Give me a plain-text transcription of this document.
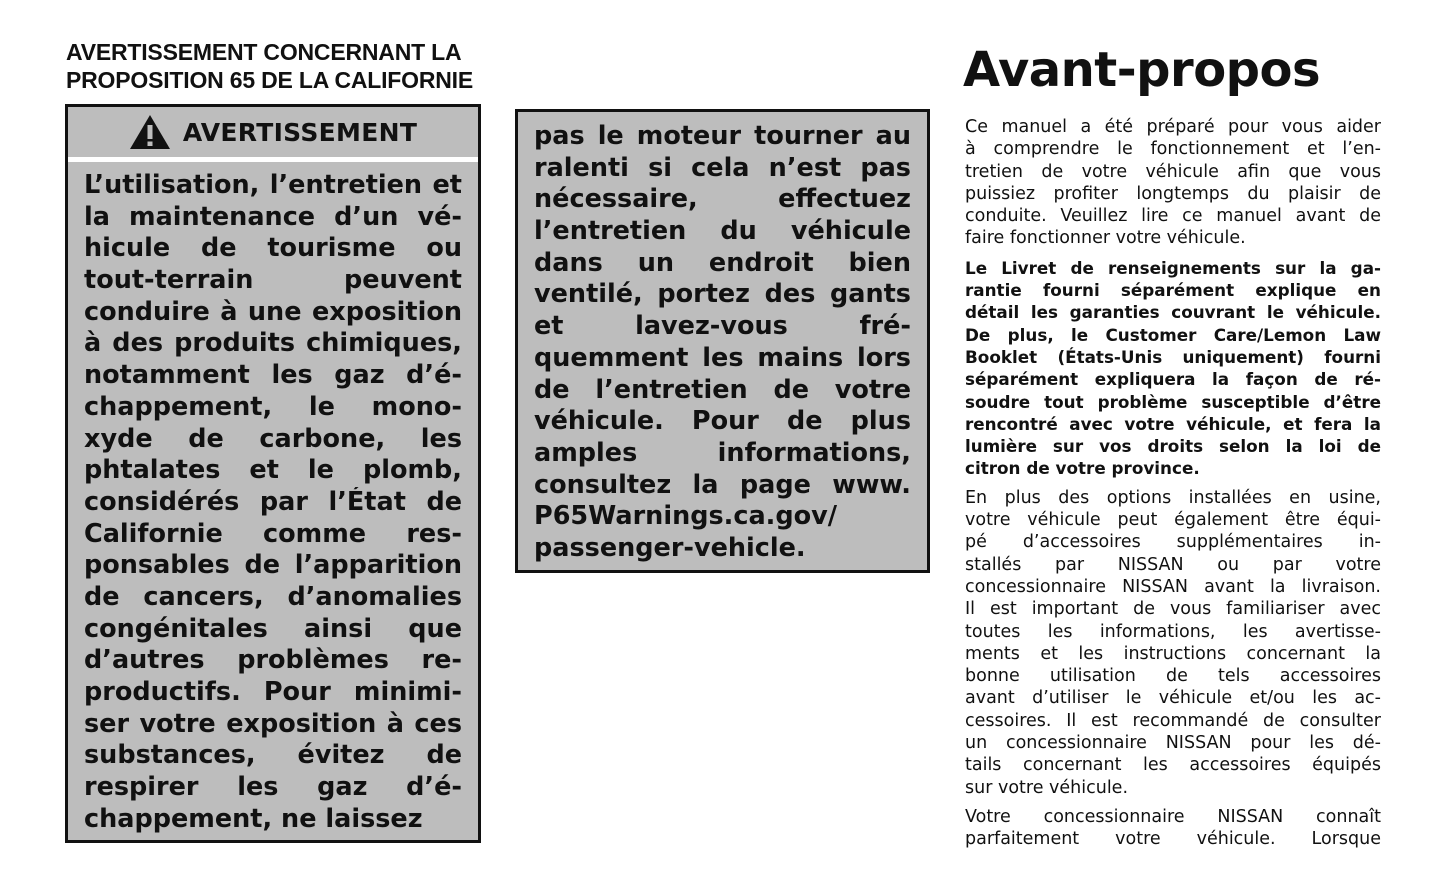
AVERTISSEMENT CONCERNANT LA
PROPOSITION 65 DE LA CALIFORNIE
AVERTISSEMENT
L’utilisation, l’entretien et
la maintenance d’un vé-
hicule de tourisme ou
tout-terrain peuvent
conduire à une exposition
à des produits chimiques,
notamment les gaz d’é-
chappement, le mono-
xyde de carbone, les
phtalates et le plomb,
considérés par l’État de
Californie comme res-
ponsables de l’apparition
de cancers, d’anomalies
congénitales ainsi que
d’autres problèmes re-
productifs. Pour minimi-
ser votre exposition à ces
substances, évitez de
respirer les gaz d’é-
chappement, ne laissez
pas le moteur tourner au
ralenti si cela n’est pas
nécessaire, effectuez
l’entretien du véhicule
dans un endroit bien
ventilé, portez des gants
et lavez-vous fré-
quemment les mains lors
de l’entretien de votre
véhicule. Pour de plus
amples informations,
consultez la page www.
P65Warnings.ca.gov/
passenger-vehicle.
Avant-propos
Ce manuel a été préparé pour vous aider
à comprendre le fonctionnement et l’en-
tretien de votre véhicule afin que vous
puissiez profiter longtemps du plaisir de
conduite. Veuillez lire ce manuel avant de
faire fonctionner votre véhicule.
Le Livret de renseignements sur la ga-
rantie fourni séparément explique en
détail les garanties couvrant le véhicule.
De plus, le Customer Care/Lemon Law
Booklet (États-Unis uniquement) fourni
séparément expliquera la façon de ré-
soudre tout problème susceptible d’être
rencontré avec votre véhicule, et fera la
lumière sur vos droits selon la loi de
citron de votre province.
En plus des options installées en usine,
votre véhicule peut également être équi-
pé d’accessoires supplémentaires in-
stallés par NISSAN ou par votre
concessionnaire NISSAN avant la livraison.
Il est important de vous familiariser avec
toutes les informations, les avertisse-
ments et les instructions concernant la
bonne utilisation de tels accessoires
avant d’utiliser le véhicule et/ou les ac-
cessoires. Il est recommandé de consulter
un concessionnaire NISSAN pour les dé-
tails concernant les accessoires équipés
sur votre véhicule.
Votre concessionnaire NISSAN connaît
parfaitement votre véhicule. Lorsque
